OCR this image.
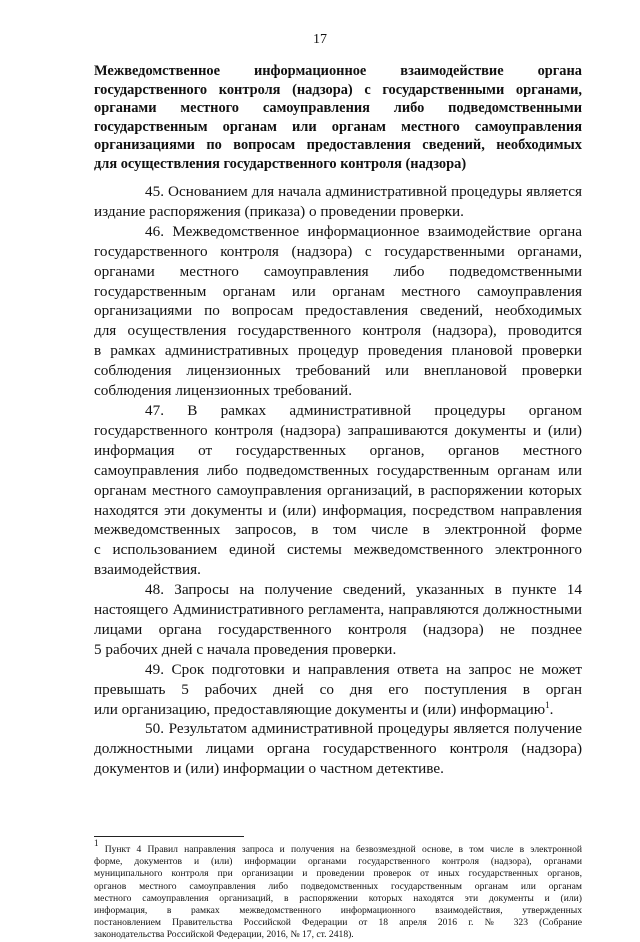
17
Межведомственное информационное взаимодействие органа
государственного контроля (надзора) с государственными органами,
органами местного самоуправления либо подведомственными
государственным органам или органам местного самоуправления
организациями по вопросам предоставления сведений, необходимых
для осуществления государственного контроля (надзора)
45. Основанием для начала административной процедуры является
издание распоряжения (приказа) о проведении проверки.
46. Межведомственное информационное взаимодействие органа
государственного контроля (надзора) с государственными органами,
органами местного самоуправления либо подведомственными
государственным органам или органам местного самоуправления
организациями по вопросам предоставления сведений, необходимых
для осуществления государственного контроля (надзора), проводится
в рамках административных процедур проведения плановой проверки
соблюдения лицензионных требований или внеплановой проверки
соблюдения лицензионных требований.
47. В рамках административной процедуры органом
государственного контроля (надзора) запрашиваются документы и (или)
информация от государственных органов, органов местного
самоуправления либо подведомственных государственным органам или
органам местного самоуправления организаций, в распоряжении которых
находятся эти документы и (или) информация, посредством направления
межведомственных запросов, в том числе в электронной форме
с использованием единой системы межведомственного электронного
взаимодействия.
48. Запросы на получение сведений, указанных в пункте 14
настоящего Административного регламента, направляются должностными
лицами органа государственного контроля (надзора) не позднее
5 рабочих дней с начала проведения проверки.
49. Срок подготовки и направления ответа на запрос не может
превышать 5 рабочих дней со дня его поступления в орган
или организацию, предоставляющие документы и (или) информацию$^1$.
50. Результатом административной процедуры является получение
должностными лицами органа государственного контроля (надзора)
документов и (или) информации о частном детективе.
$^1$ Пункт 4 Правил направления запроса и получения на безвозмездной основе, в том числе в электронной
форме, документов и (или) информации органами государственного контроля (надзора), органами
муниципального контроля при организации и проведении проверок от иных государственных органов,
органов местного самоуправления либо подведомственных государственным органам или органам
местного самоуправления организаций, в распоряжении которых находятся эти документы и (или)
информация, в рамках межведомственного информационного взаимодействия, утвержденных
постановлением Правительства Российской Федерации от 18 апреля 2016 г. № 323 (Собрание
законодательства Российской Федерации, 2016, № 17, ст. 2418).
